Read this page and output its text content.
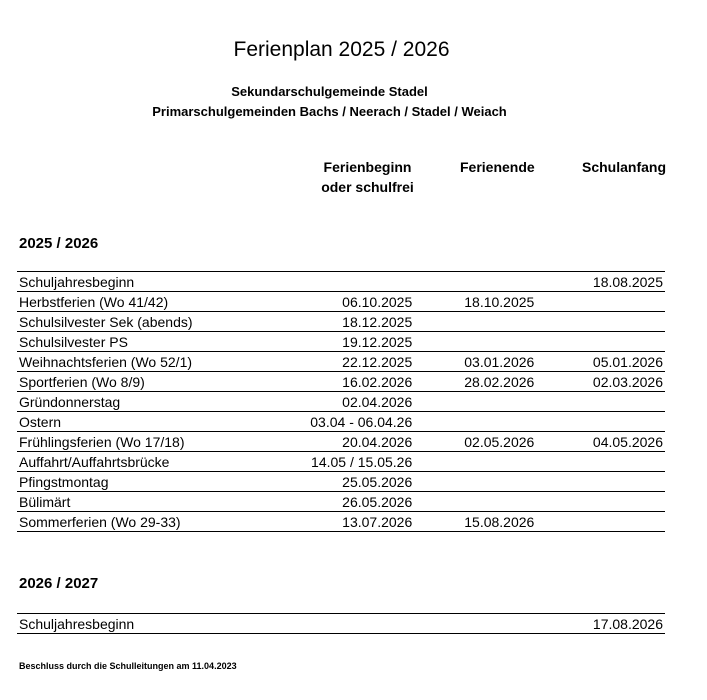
Ferienplan 2025 / 2026
Sekundarschulgemeinde Stadel
Primarschulgemeinden Bachs / Neerach / Stadel / Weiach
Ferienbeginn
oder schulfrei
Ferienende	Schulanfang
2025 / 2026
Schuljahresbeginn			18.08.2025
Herbstferien (Wo 41/42)	06.10.2025	18.10.2025	
Schulsilvester Sek (abends)	18.12.2025		
Schulsilvester PS	19.12.2025		
Weihnachtsferien (Wo 52/1)	22.12.2025	03.01.2026	05.01.2026
Sportferien (Wo 8/9)	16.02.2026	28.02.2026	02.03.2026
Gründonnerstag	02.04.2026		
Ostern	03.04 - 06.04.26		
Frühlingsferien (Wo 17/18)	20.04.2026	02.05.2026	04.05.2026
Auffahrt/Auffahrtsbrücke	14.05 / 15.05.26		
Pfingstmontag	25.05.2026		
Bülimärt	26.05.2026		
Sommerferien (Wo 29-33)	13.07.2026	15.08.2026	
2026 / 2027
Schuljahresbeginn			17.08.2026
Beschluss durch die Schulleitungen am 11.04.2023
